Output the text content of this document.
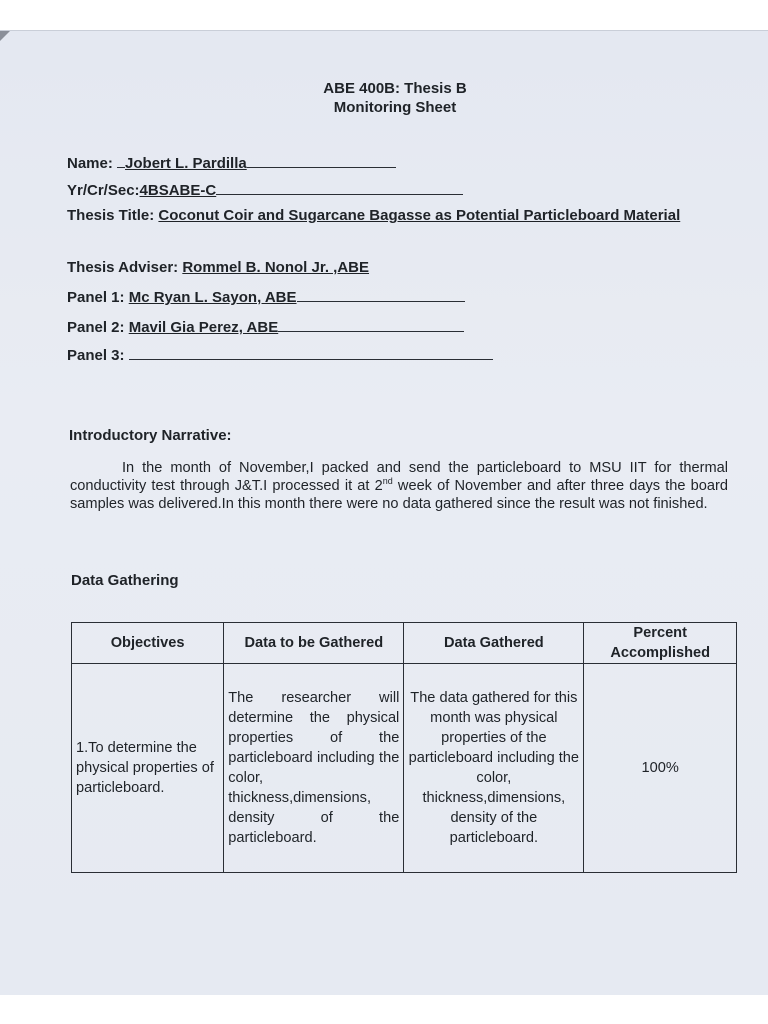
ABE 400B: Thesis B
Monitoring Sheet
Name: Jobert L. Pardilla
Yr/Cr/Sec:4BSABE-C
Thesis Title: Coconut Coir and Sugarcane Bagasse as Potential Particleboard Material
Thesis Adviser: Rommel B. Nonol Jr. ,ABE
Panel 1: Mc Ryan L. Sayon, ABE
Panel 2: Mavil Gia Perez, ABE
Panel 3:
Introductory Narrative:
In the month of November,I packed and send the particleboard to MSU IIT for thermal conductivity test through J&T.I processed it at 2nd week of November and after three days the board samples was delivered.In this month there were no data gathered since the result was not finished.
Data Gathering
Objectives	Data to be Gathered	Data Gathered	Percent Accomplished
1.To determine the physical properties of particleboard.	The researcher will determine the physical properties of the particleboard including the color, thickness,dimensions, density of the particleboard.	The data gathered for this month was physical properties of the particleboard including the color, thickness,dimensions, density of the particleboard.	100%
